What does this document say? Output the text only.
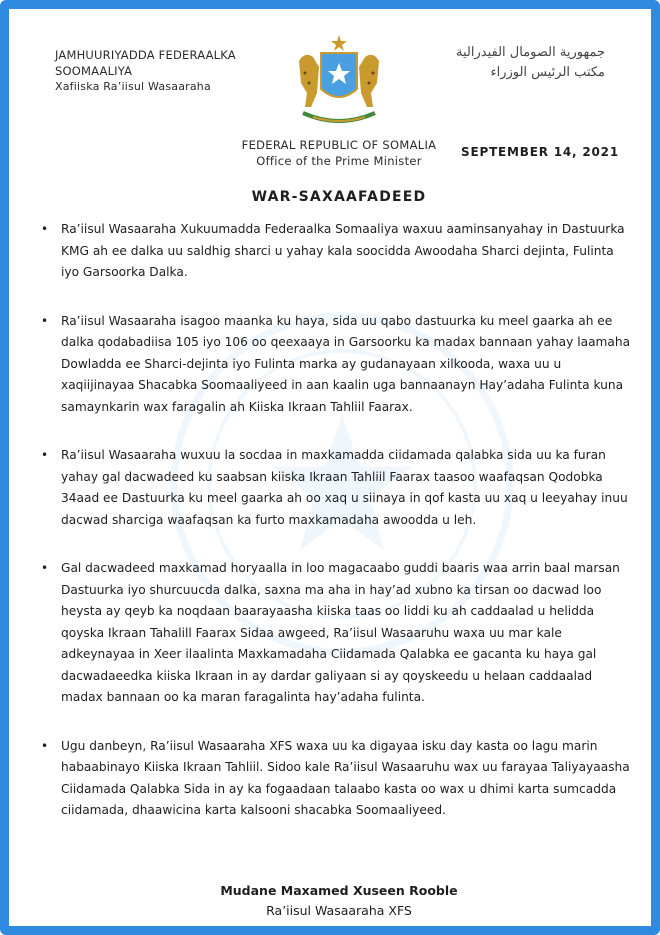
JAMHUURIYADDA FEDERAALKA
SOOMAALIYA
Xafiiska Ra’iisul Wasaaraha
جمهورية الصومال الفيدرالية
مكتب الرئيس الوزراء
FEDERAL REPUBLIC OF SOMALIA
Office of the Prime Minister
SEPTEMBER 14, 2021
WAR-SAXAAFADEED
• Ra’iisul Wasaaraha Xukuumadda Federaalka Somaaliya waxuu aaminsanyahay in Dastuurka KMG ah ee dalka uu saldhig sharci u yahay kala soocidda Awoodaha Sharci dejinta, Fulinta iyo Garsoorka Dalka.
• Ra’iisul Wasaaraha isagoo maanka ku haya, sida uu qabo dastuurka ku meel gaarka ah ee dalka qodabadiisa 105 iyo 106 oo qeexaaya in Garsoorku ka madax bannaan yahay laamaha Dowladda ee Sharci-dejinta iyo Fulinta marka ay gudanayaan xilkooda, waxa uu u xaqiijinayaa Shacabka Soomaaliyeed in aan kaalin uga bannaanayn Hay’adaha Fulinta kuna samaynkarin wax faragalin ah Kiiska Ikraan Tahliil Faarax.
• Ra’iisul Wasaaraha wuxuu la socdaa in maxkamadda ciidamada qalabka sida uu ka furan yahay gal dacwadeed ku saabsan kiiska Ikraan Tahliil Faarax taasoo waafaqsan Qodobka 34aad ee Dastuurka ku meel gaarka ah oo xaq u siinaya in qof kasta uu xaq u leeyahay inuu dacwad sharciga waafaqsan ka furto maxkamadaha awoodda u leh.
• Gal dacwadeed maxkamad horyaalla in loo magacaabo guddi baaris waa arrin baal marsan Dastuurka iyo shurcuucda dalka, saxna ma aha in hay’ad xubno ka tirsan oo dacwad loo heysta ay qeyb ka noqdaan baarayaasha kiiska taas oo liddi ku ah caddaalad u helidda qoyska Ikraan Tahalill Faarax Sidaa awgeed, Ra’iisul Wasaaruhu waxa uu mar kale adkeynayaa in Xeer ilaalinta Maxkamadaha Ciidamada Qalabka ee gacanta ku haya gal dacwadaeedka kiiska Ikraan in ay dardar galiyaan si ay qoyskeedu u helaan caddaalad madax bannaan oo ka maran faragalinta hay’adaha fulinta.
• Ugu danbeyn, Ra’iisul Wasaaraha XFS waxa uu ka digayaa isku day kasta oo lagu marin habaabinayo Kiiska Ikraan Tahliil. Sidoo kale Ra’iisul Wasaaruhu wax uu farayaa Taliyayaasha Ciidamada Qalabka Sida in ay ka fogaadaan talaabo kasta oo wax u dhimi karta sumcadda ciidamada, dhaawicina karta kalsooni shacabka Soomaaliyeed.
Mudane Maxamed Xuseen Rooble
Ra’iisul Wasaaraha XFS
